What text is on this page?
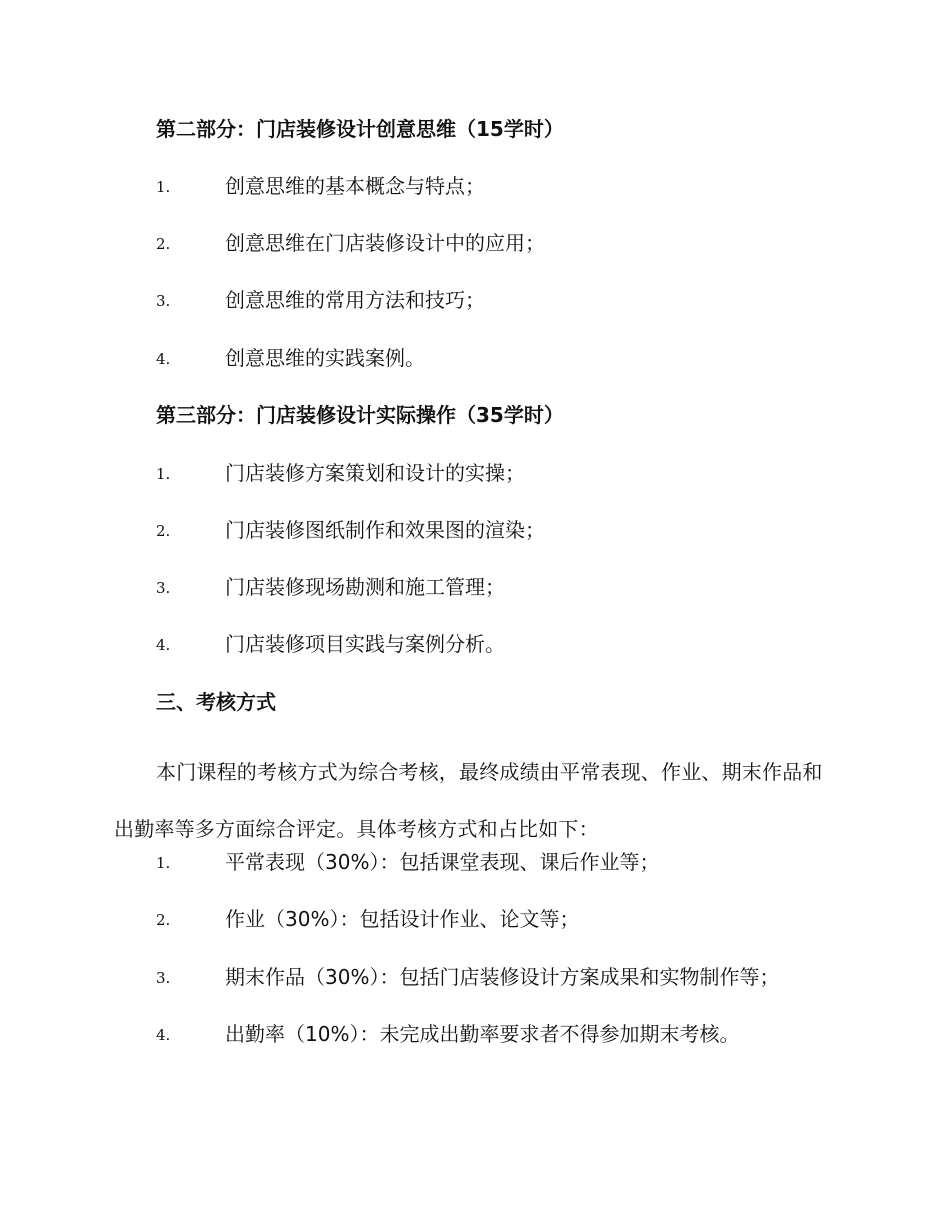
第二部分：门店装修设计创意思维（15学时）
1.	创意思维的基本概念与特点；
2.	创意思维在门店装修设计中的应用；
3.	创意思维的常用方法和技巧；
4.	创意思维的实践案例。
第三部分：门店装修设计实际操作（35学时）
1.	门店装修方案策划和设计的实操；
2.	门店装修图纸制作和效果图的渲染；
3.	门店装修现场勘测和施工管理；
4.	门店装修项目实践与案例分析。
三、考核方式
本门课程的考核方式为综合考核，最终成绩由平常表现、作业、期末作品和出勤率等多方面综合评定。具体考核方式和占比如下：
1.	平常表现（30%）：包括课堂表现、课后作业等；
2.	作业（30%）：包括设计作业、论文等；
3.	期末作品（30%）：包括门店装修设计方案成果和实物制作等；
4.	出勤率（10%）：未完成出勤率要求者不得参加期末考核。
